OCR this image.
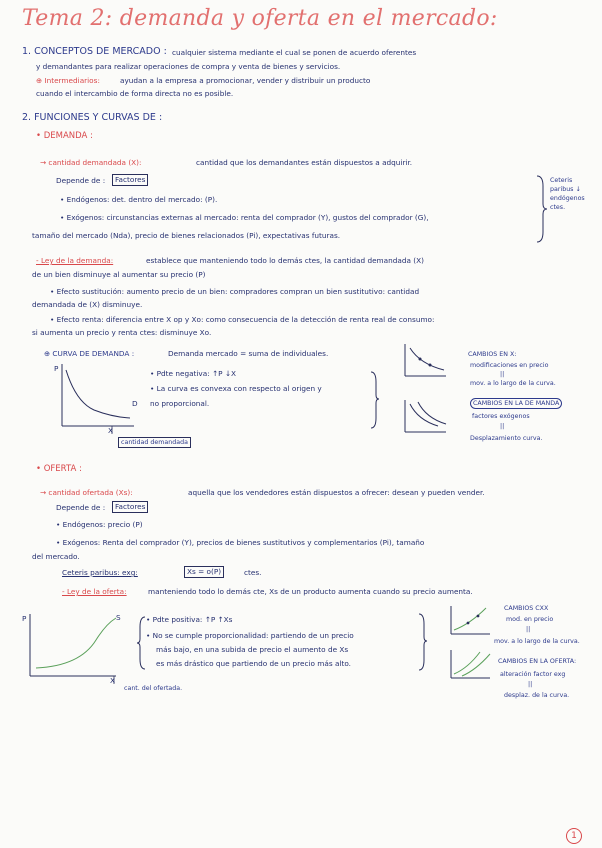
Tema 2: demanda y oferta en el mercado:
1. CONCEPTOS DE MERCADO : cualquier sistema mediante el cual se ponen de acuerdo oferentes
y demandantes para realizar operaciones de compra y venta de bienes y servicios.
⊕ Intermediarios:	ayudan a la empresa a promocionar, vender y distribuir un producto
cuando el intercambio de forma directa no es posible.
2. FUNCIONES Y CURVAS DE :
• DEMANDA :
→ cantidad demandada (X):	cantidad que los demandantes están dispuestos a adquirir.
Depende de :	Factores
• Endógenos: det. dentro del mercado: (P).
• Exógenos: circunstancias externas al mercado: renta del comprador (Y), gustos del comprador (G),
tamaño del mercado (Nda), precio de bienes relacionados (Pi), expectativas futuras.
Ceteris paribus ↓ endógenos ctes.
- Ley de la demanda:	establece que manteniendo todo lo demás ctes, la cantidad demandada (X)
de un bien disminuye al aumentar su precio (P)
• Efecto sustitución: aumento precio de un bien: compradores compran un bien sustitutivo: cantidad
demandada de (X) disminuye.
• Efecto renta: diferencia entre X op y Xo: como consecuencia de la detección de renta real de consumo:
si aumenta un precio y renta ctes: disminuye Xo.
⊕ CURVA DE DEMANDA :	Demanda mercado = suma de individuales.
P
D
X
cantidad demandada
• Pdte negativa: ↑P ↓X
• La curva es convexa con respecto al origen y
no proporcional.
CAMBIOS EN X:
modificaciones en precio
||
mov. a lo largo de la curva.
CAMBIOS EN LA DE MANDA
factores exógenos
||
Desplazamiento curva.
• OFERTA :
→ cantidad ofertada (Xs):	aquella que los vendedores están dispuestos a ofrecer: desean y pueden vender.
Depende de :	Factores
• Endógenos: precio (P)
• Exógenos: Renta del comprador (Y), precios de bienes sustitutivos y complementarios (Pi), tamaño
del mercado.
Ceteris paribus: exg:	Xs = o(P)	ctes.
- Ley de la oferta:	manteniendo todo lo demás cte, Xs de un producto aumenta cuando su precio aumenta.
P	S
X
cant. del ofertada.
• Pdte positiva: ↑P ↑Xs
• No se cumple proporcionalidad: partiendo de un precio
más bajo, en una subida de precio el aumento de Xs
es más drástico que partiendo de un precio más alto.
CAMBIOS CXX
mod. en precio
||
mov. a lo largo de la curva.
CAMBIOS EN LA OFERTA:
alteración factor exg
||
desplaz. de la curva.
1
